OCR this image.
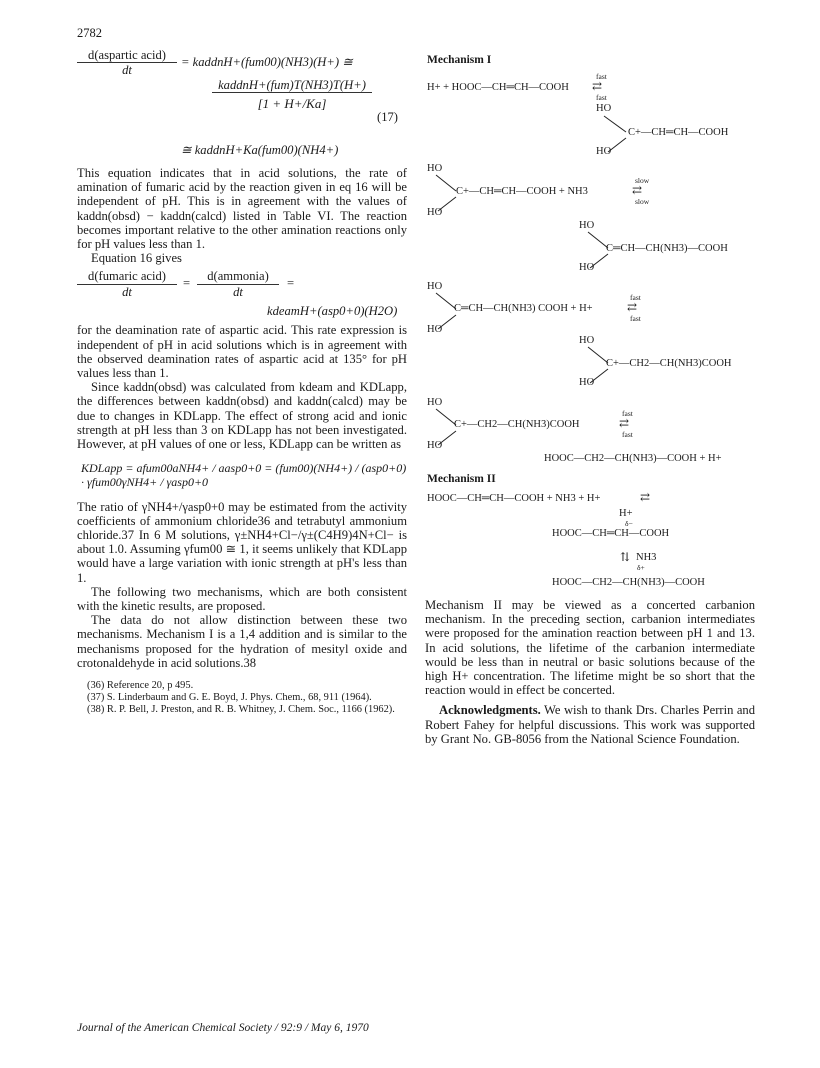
2782
d(aspartic acid)
dt
= kaddnH+(fum00)(NH3)(H+) ≅
kaddnH+(fum)T(NH3)T(H+)
[1 + H+/Ka]
(17)
≅ kaddnH+Ka(fum00)(NH4+)

This equation indicates that in acid solutions, the rate of amination of fumaric acid by the reaction given in eq 16 will be independent of pH. This is in agreement with the values of kaddn(obsd) − kaddn(calcd) listed in Table VI. The reaction becomes important relative to the other amination reactions only for pH values less than 1.

Equation 16 gives

d(fumaric acid)
dt
=	d(ammonia)
dt
=
kdeamH+(asp0+0)(H2O)

for the deamination rate of aspartic acid. This rate expression is independent of pH in acid solutions which is in agreement with the observed deamination rates of aspartic acid at 135° for pH values less than 1.

Since kaddn(obsd) was calculated from kdeam and KDLapp, the differences between kaddn(obsd) and kaddn(calcd) may be due to changes in KDLapp. The effect of strong acid and ionic strength at pH less than 3 on KDLapp has not been investigated. However, at pH values of one or less, KDLapp can be written as

KDLapp = afum00aNH4+ / aasp0+0 = (fum00)(NH4+) / (asp0+0) · γfum00γNH4+ / γasp0+0

The ratio of γNH4+/γasp0+0 may be estimated from the activity coefficients of ammonium chloride36 and tetrabutyl ammonium chloride.37 In 6 M solutions, γ±NH4+Cl−/γ±(C4H9)4N+Cl− is about 1.0. Assuming γfum00 ≅ 1, it seems unlikely that KDLapp would have a large variation with ionic strength at pH's less than 1.

The following two mechanisms, which are both consistent with the kinetic results, are proposed.

The data do not allow distinction between these two mechanisms. Mechanism I is a 1,4 addition and is similar to the mechanisms proposed for the hydration of mesityl oxide and crotonaldehyde in acid solutions.38

(36) Reference 20, p 495.
(37) S. Linderbaum and G. E. Boyd, J. Phys. Chem., 68, 911 (1964).
(38) R. P. Bell, J. Preston, and R. B. Whitney, J. Chem. Soc., 1166 (1962).
Mechanism I
H+ + HOOC—CH═CH—COOH
fast
⇄
fast
HO
C+—CH═CH—COOH
HO
HO
C+—CH═CH—COOH + NH3
slow
⇄
slow
HO
HO
C═CH—CH(NH3)—COOH
HO
HO
C═CH—CH(NH3) COOH + H+
fast
⇄
fast
HO
HO
C+—CH2—CH(NH3)COOH
HO
HO
C+—CH2—CH(NH3)COOH
fast
⇄
fast
HO
HOOC—CH2—CH(NH3)—COOH + H+
Mechanism II
HOOC—CH═CH—COOH + NH3 + H+	⇄
H+
δ−
HOOC—CH═CH—COOH
⇅ NH3
δ+
HOOC—CH2—CH(NH3)—COOH

Mechanism II may be viewed as a concerted carbanion mechanism. In the preceding section, carbanion intermediates were proposed for the amination reaction between pH 1 and 13. In acid solutions, the lifetime of the carbanion intermediate would be less than in neutral or basic solutions because of the high H+ concentration. The lifetime might be so short that the reaction would in effect be concerted.

Acknowledgments. We wish to thank Drs. Charles Perrin and Robert Fahey for helpful discussions. This work was supported by Grant No. GB-8056 from the National Science Foundation.

Journal of the American Chemical Society / 92:9 / May 6, 1970
